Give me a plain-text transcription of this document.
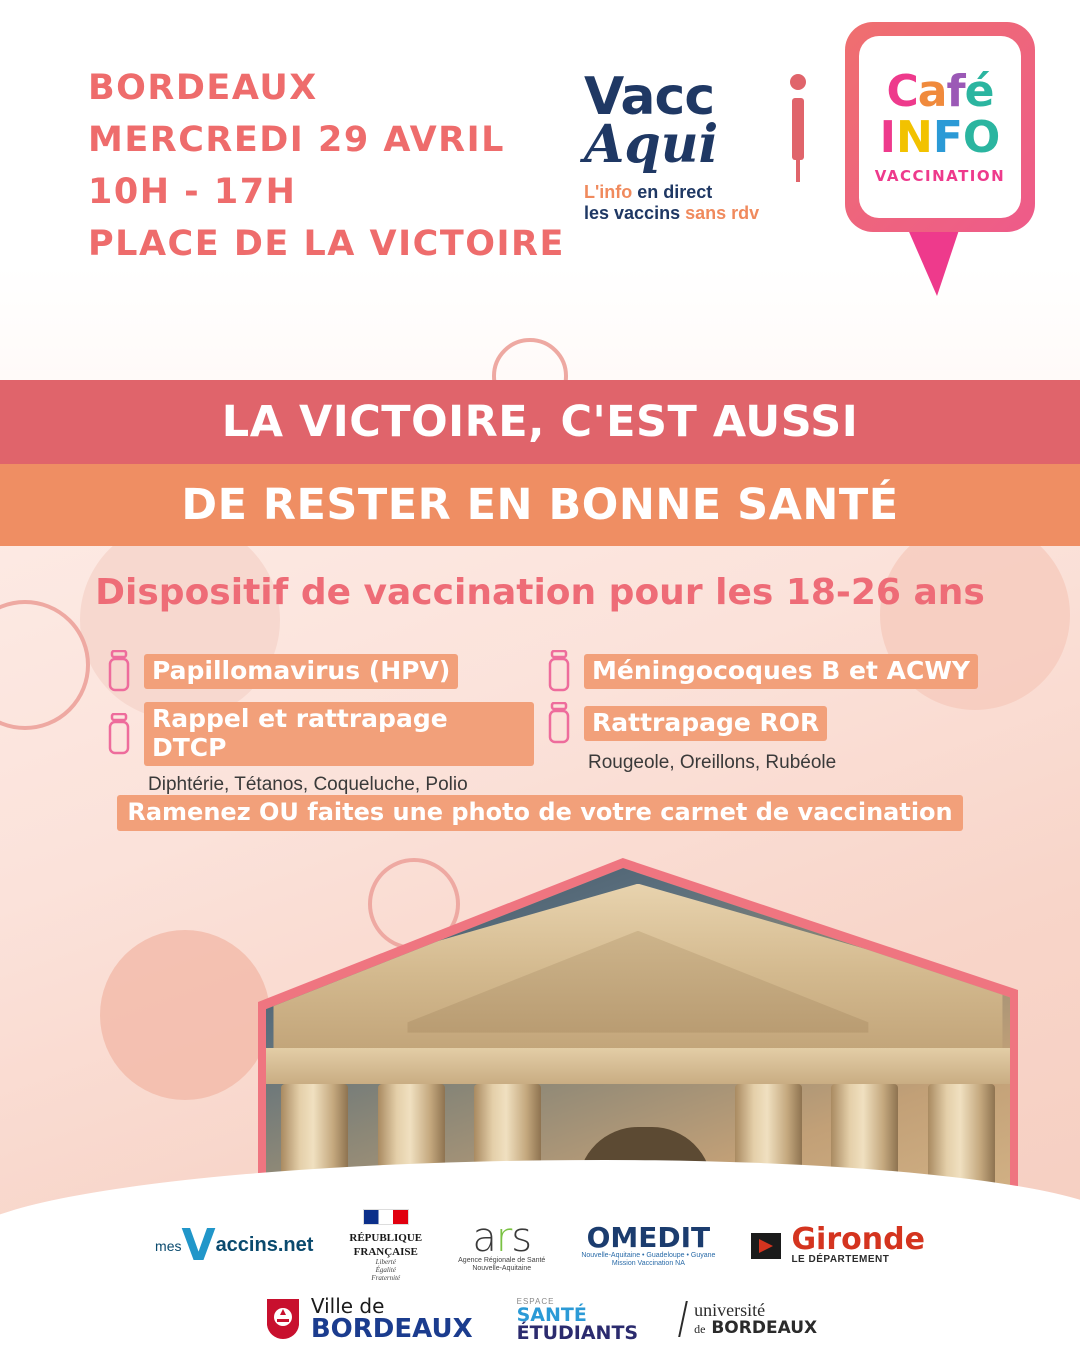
BORDEAUX
MERCREDI 29 AVRIL
10H - 17H
PLACE DE LA VICTOIRE
Vacc
Aqui
L'info en direct
les vaccins sans rdv
Café
INFO
VACCINATION
LA VICTOIRE, C'EST AUSSI
DE RESTER EN BONNE SANTÉ
Dispositif de vaccination pour les 18-26 ans
Papillomavirus (HPV)
Rappel et rattrapage DTCP
Diphtérie, Tétanos, Coqueluche, Polio
Méningocoques B et ACWY
Rattrapage ROR
Rougeole, Oreillons, Rubéole
Ramenez OU faites une photo de votre carnet de vaccination
mes V accins.net	RÉPUBLIQUE
FRANÇAISE
Liberté
Égalité
Fraternité
ars
Agence Régionale de Santé
Nouvelle-Aquitaine
OMEDIT
Nouvelle-Aquitaine • Guadeloupe • Guyane
Mission Vaccination NA
Gironde
LE DÉPARTEMENT
Ville de
BORDEAUX
ESPACE
SANTÉ
ÉTUDIANTS
université
de BORDEAUX
